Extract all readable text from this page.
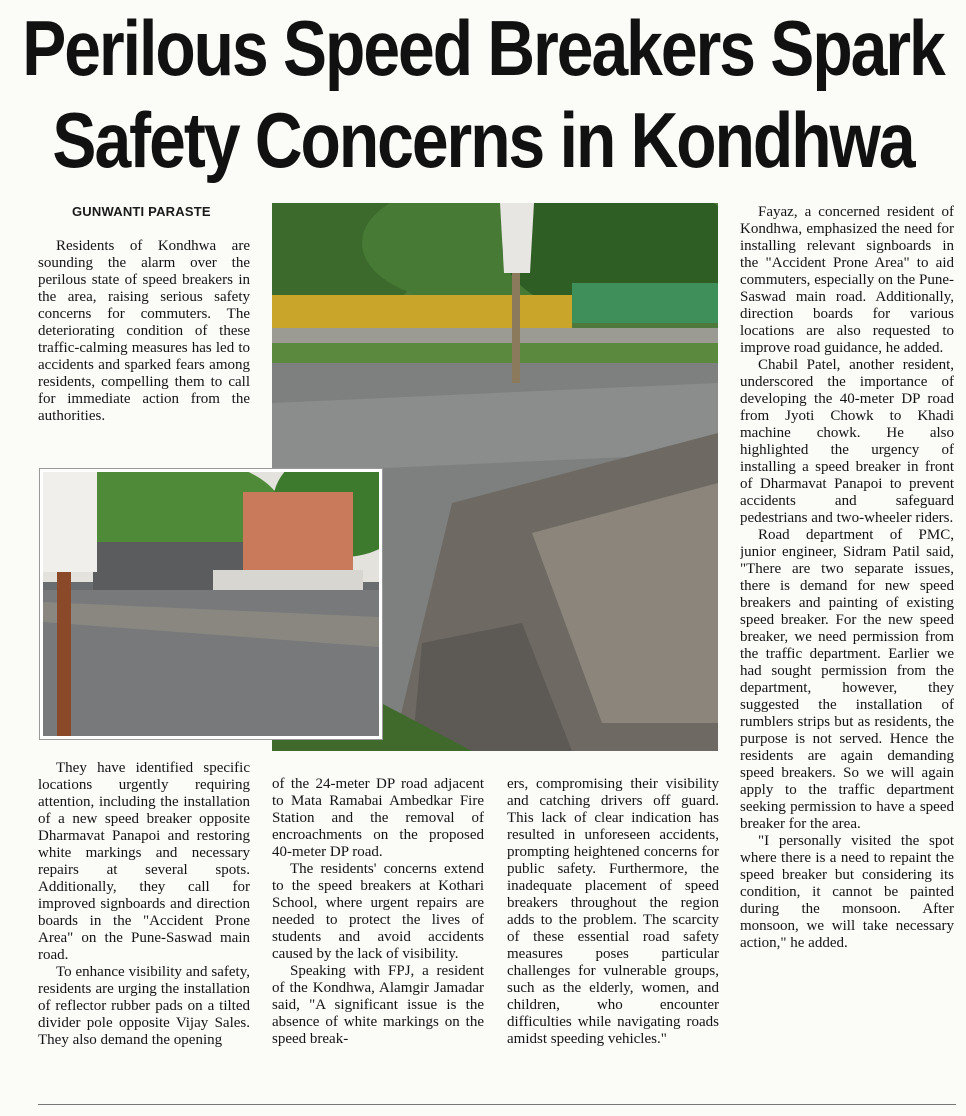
Perilous Speed Breakers Spark
Safety Concerns in Kondhwa
GUNWANTI PARASTE

Residents of Kondhwa are sounding the alarm over the perilous state of speed breakers in the area, raising serious safety concerns for commuters. The deteriorating condition of these traffic-calming measures has led to accidents and sparked fears among residents, compelling them to call for immediate action from the authorities.

They have identified specific locations urgently requiring attention, including the installation of a new speed breaker opposite Dharmavat Panapoi and restoring white markings and necessary repairs at several spots. Additionally, they call for improved signboards and direction boards in the "Accident Prone Area" on the Pune-Saswad main road.

To enhance visibility and safety, residents are urging the installation of reflector rubber pads on a tilted divider pole opposite Vijay Sales. They also demand the opening

of the 24-meter DP road adjacent to Mata Ramabai Ambedkar Fire Station and the removal of encroachments on the proposed 40-meter DP road.

The residents' concerns extend to the speed breakers at Kothari School, where urgent repairs are needed to protect the lives of students and avoid accidents caused by the lack of visibility.

Speaking with FPJ, a resident of the Kondhwa, Alamgir Jamadar said, "A significant issue is the absence of white markings on the speed break-

ers, compromising their visibility and catching drivers off guard. This lack of clear indication has resulted in unforeseen accidents, prompting heightened concerns for public safety. Furthermore, the inadequate placement of speed breakers throughout the region adds to the problem. The scarcity of these essential road safety measures poses particular challenges for vulnerable groups, such as the elderly, women, and children, who encounter difficulties while navigating roads amidst speeding vehicles."

Fayaz, a concerned resident of Kondhwa, emphasized the need for installing relevant signboards in the "Accident Prone Area" to aid commuters, especially on the Pune-Saswad main road. Additionally, direction boards for various locations are also requested to improve road guidance, he added.

Chabil Patel, another resident, underscored the importance of developing the 40-meter DP road from Jyoti Chowk to Khadi machine chowk. He also highlighted the urgency of installing a speed breaker in front of Dharmavat Panapoi to prevent accidents and safeguard pedestrians and two-wheeler riders.

Road department of PMC, junior engineer, Sidram Patil said, "There are two separate issues, there is demand for new speed breakers and painting of existing speed breaker. For the new speed breaker, we need permission from the traffic department. Earlier we had sought permission from the department, however, they suggested the installation of rumblers strips but as residents, the purpose is not served. Hence the residents are again demanding speed breakers. So we will again apply to the traffic department seeking permission to have a speed breaker for the area.

"I personally visited the spot where there is a need to repaint the speed breaker but considering its condition, it cannot be painted during the monsoon. After monsoon, we will take necessary action," he added.
